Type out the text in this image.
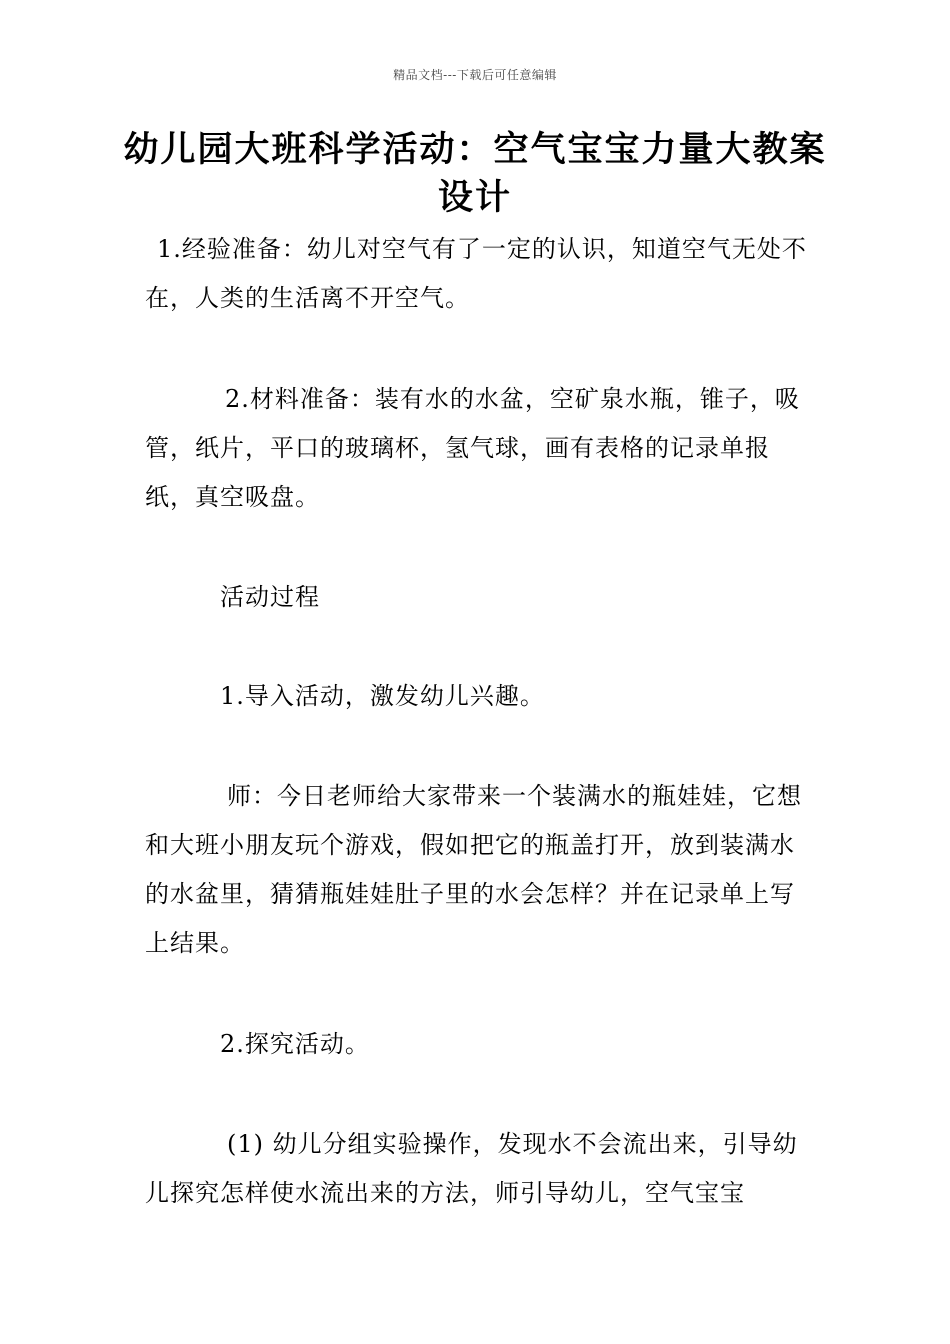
精品文档---下载后可任意编辑
幼儿园大班科学活动：空气宝宝力量大教案设计

1.经验准备：幼儿对空气有了一定的认识，知道空气无处不在，人类的生活离不开空气。

2.材料准备：装有水的水盆，空矿泉水瓶，锥子，吸管，纸片，平口的玻璃杯，氢气球，画有表格的记录单报纸，真空吸盘。

活动过程

1.导入活动，激发幼儿兴趣。

师：今日老师给大家带来一个装满水的瓶娃娃，它想和大班小朋友玩个游戏，假如把它的瓶盖打开，放到装满水的水盆里，猜猜瓶娃娃肚子里的水会怎样？并在记录单上写上结果。

2.探究活动。

(1) 幼儿分组实验操作，发现水不会流出来，引导幼儿探究怎样使水流出来的方法，师引导幼儿，空气宝宝
